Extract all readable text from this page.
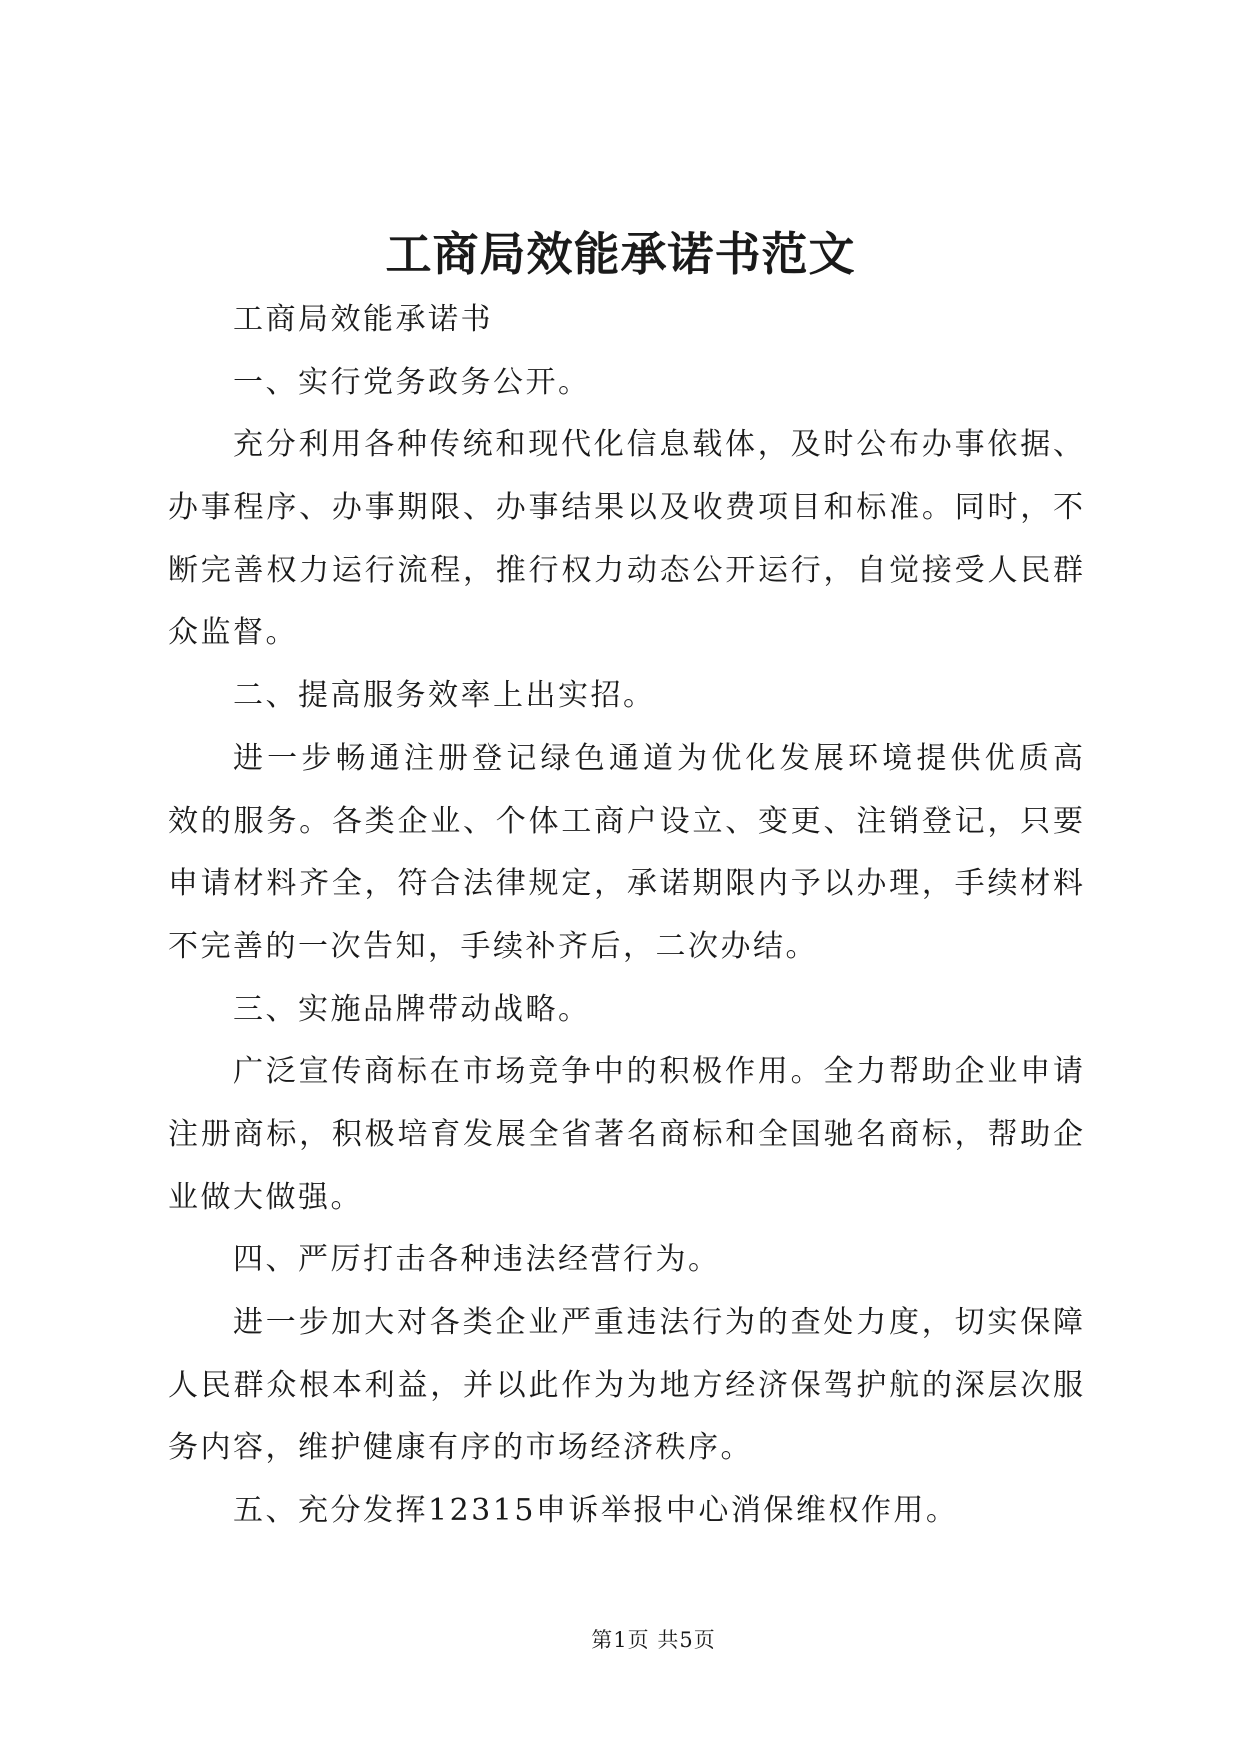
工商局效能承诺书范文
工商局效能承诺书
一、实行党务政务公开。
充分利用各种传统和现代化信息载体，及时公布办事依据、
办事程序、办事期限、办事结果以及收费项目和标准。同时，不
断完善权力运行流程，推行权力动态公开运行，自觉接受人民群
众监督。
二、提高服务效率上出实招。
进一步畅通注册登记绿色通道为优化发展环境提供优质高
效的服务。各类企业、个体工商户设立、变更、注销登记，只要
申请材料齐全，符合法律规定，承诺期限内予以办理，手续材料
不完善的一次告知，手续补齐后，二次办结。
三、实施品牌带动战略。
广泛宣传商标在市场竞争中的积极作用。全力帮助企业申请
注册商标，积极培育发展全省著名商标和全国驰名商标，帮助企
业做大做强。
四、严厉打击各种违法经营行为。
进一步加大对各类企业严重违法行为的查处力度，切实保障
人民群众根本利益，并以此作为为地方经济保驾护航的深层次服
务内容，维护健康有序的市场经济秩序。
五、充分发挥12315申诉举报中心消保维权作用。
第1页 共5页
